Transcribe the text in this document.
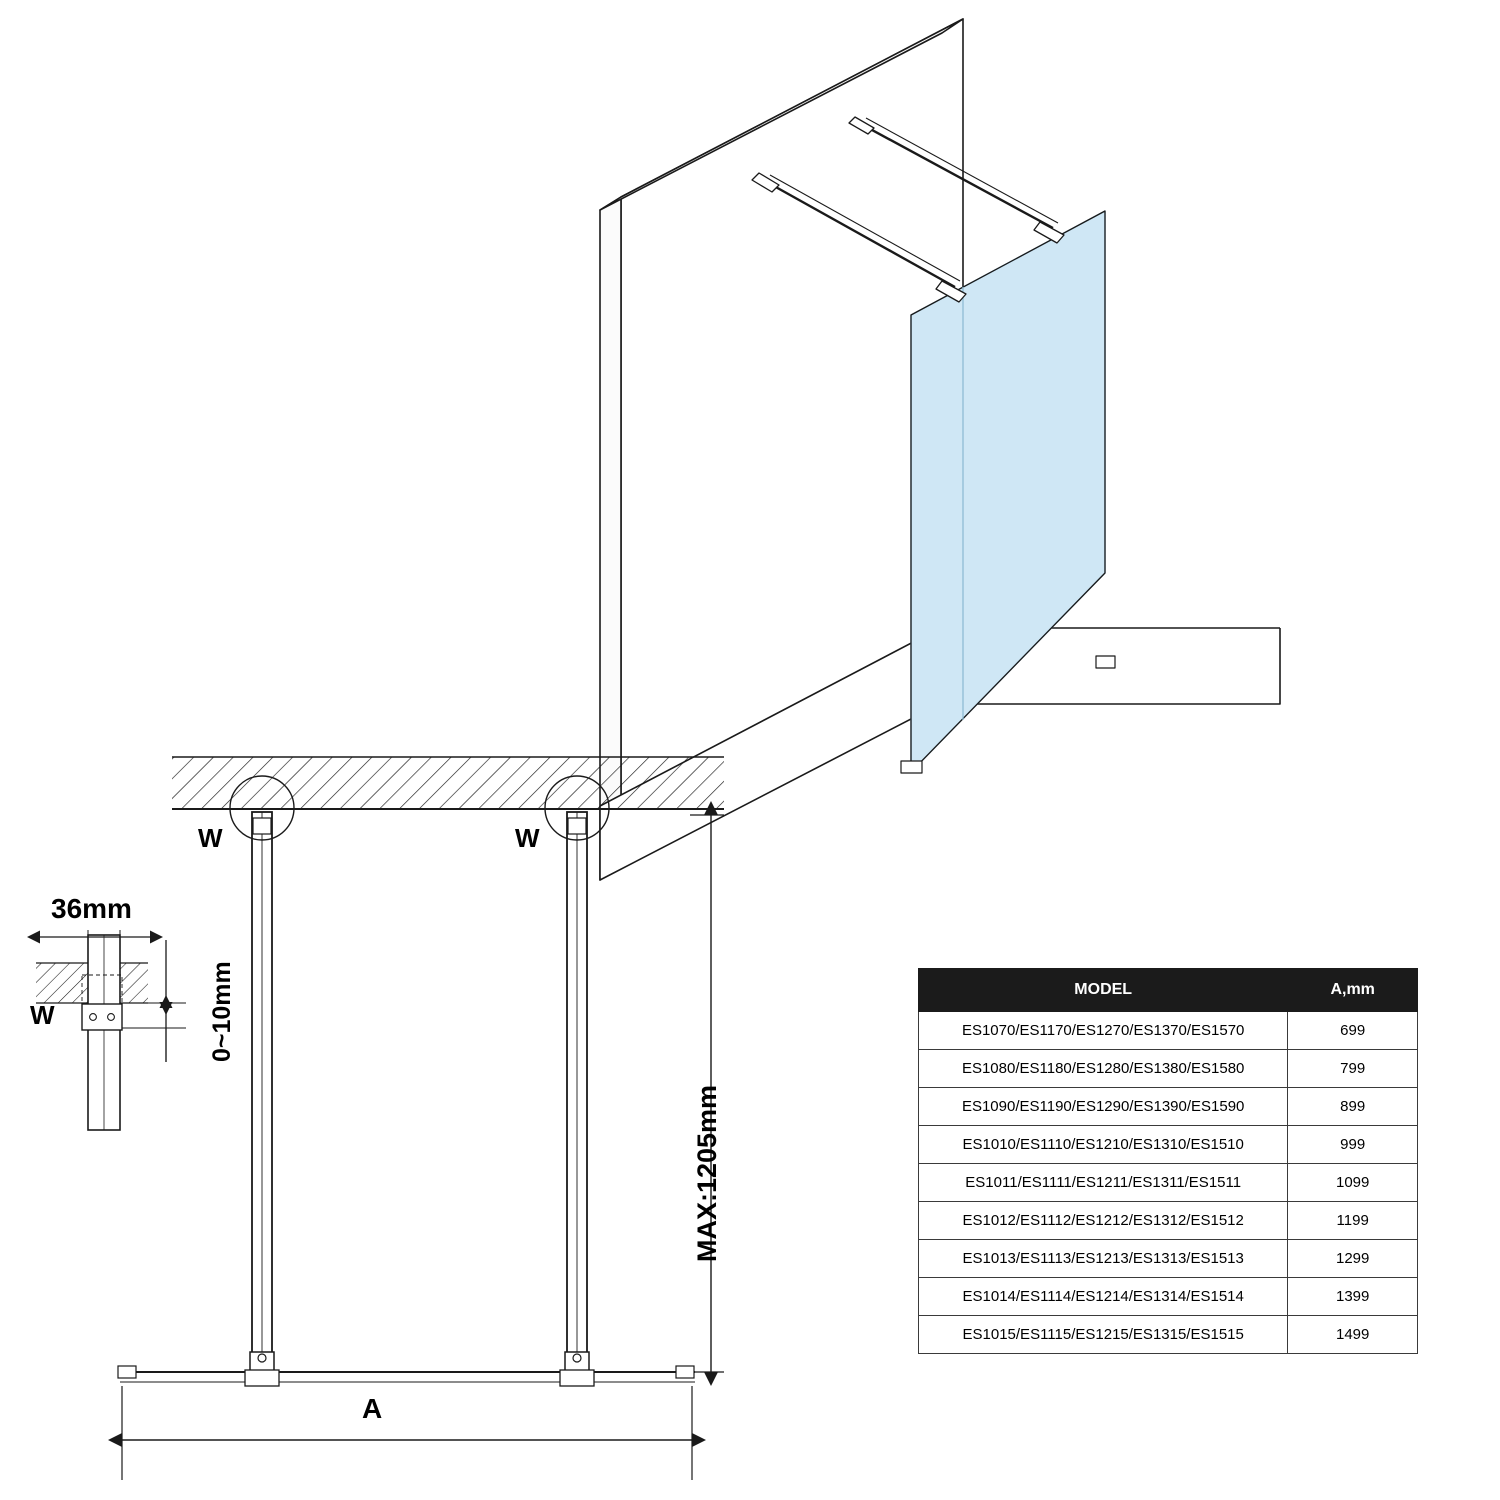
W	W
W
36mm
0~10mm
MAX:1205mm
A
MODEL	A,mm
ES1070/ES1170/ES1270/ES1370/ES1570	699
ES1080/ES1180/ES1280/ES1380/ES1580	799
ES1090/ES1190/ES1290/ES1390/ES1590	899
ES1010/ES1110/ES1210/ES1310/ES1510	999
ES1011/ES1111/ES1211/ES1311/ES1511	1099
ES1012/ES1112/ES1212/ES1312/ES1512	1199
ES1013/ES1113/ES1213/ES1313/ES1513	1299
ES1014/ES1114/ES1214/ES1314/ES1514	1399
ES1015/ES1115/ES1215/ES1315/ES1515	1499
